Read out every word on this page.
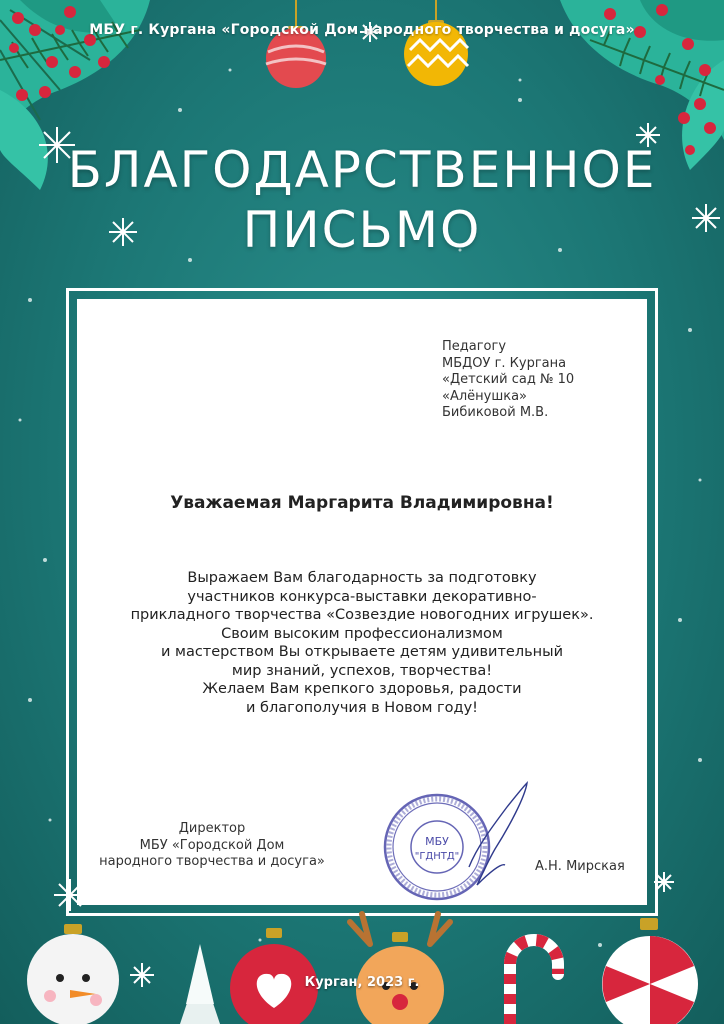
МБУ г. Кургана «Городской Дом народного творчества и досуга»
БЛАГОДАРСТВЕННОЕ
ПИСЬМО
Педагогу
МБДОУ г. Кургана
«Детский сад № 10
«Алёнушка»
Бибиковой М.В.
Уважаемая Маргарита Владимировна!
Выражаем Вам благодарность за подготовку
участников конкурса-выставки декоративно-
прикладного творчества «Созвездие новогодних игрушек».
Своим высоким профессионализмом
и мастерством Вы открываете детям удивительный
мир знаний, успехов, творчества!
Желаем Вам крепкого здоровья, радости
и благополучия в Новом году!
Директор
МБУ «Городской Дом
народного творчества и досуга»
МБУ
"ГДНТД"
А.Н. Мирская
Курган, 2023 г.
